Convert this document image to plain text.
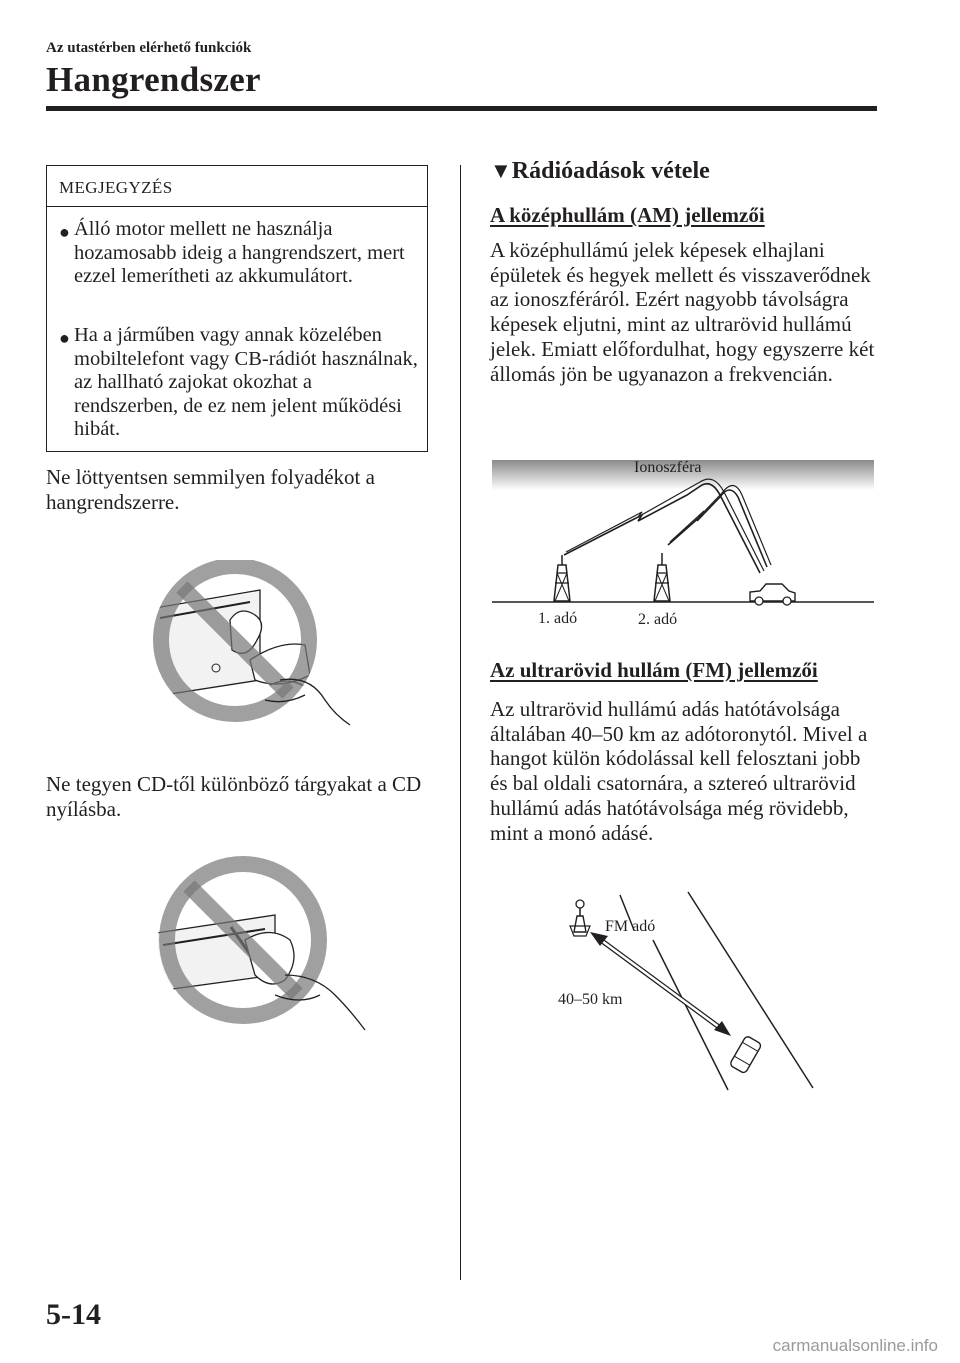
Az utastérben elérhető funkciók
Hangrendszer
MEGJEGYZÉS
● Álló motor mellett ne használja hozamosabb ideig a hangrendszert, mert ezzel lemerítheti az akkumulátort.
● Ha a járműben vagy annak közelében mobiltelefont vagy CB-rádiót használnak, az hallható zajokat okozhat a rendszerben, de ez nem jelent működési hibát.
Ne löttyentsen semmilyen folyadékot a hangrendszerre.
Ne tegyen CD-től különböző tárgyakat a CD nyílásba.
▼Rádióadások vétele
A középhullám (AM) jellemzői
A középhullámú jelek képesek elhajlani épületek és hegyek mellett és visszaverődnek az ionoszféráról. Ezért nagyobb távolságra képesek eljutni, mint az ultrarövid hullámú jelek. Emiatt előfordulhat, hogy egyszerre két állomás jön be ugyanazon a frekvencián.
Ionoszféra
1. adó	2. adó
Az ultrarövid hullám (FM) jellemzői
Az ultrarövid hullámú adás hatótávolsága általában 40–50 km az adótoronytól. Mivel a hangot külön kódolással kell felosztani jobb és bal oldali csatornára, a sztereó ultrarövid hullámú adás hatótávolsága még rövidebb, mint a monó adásé.
FM adó
40–50 km
5-14
carmanualsonline.info
